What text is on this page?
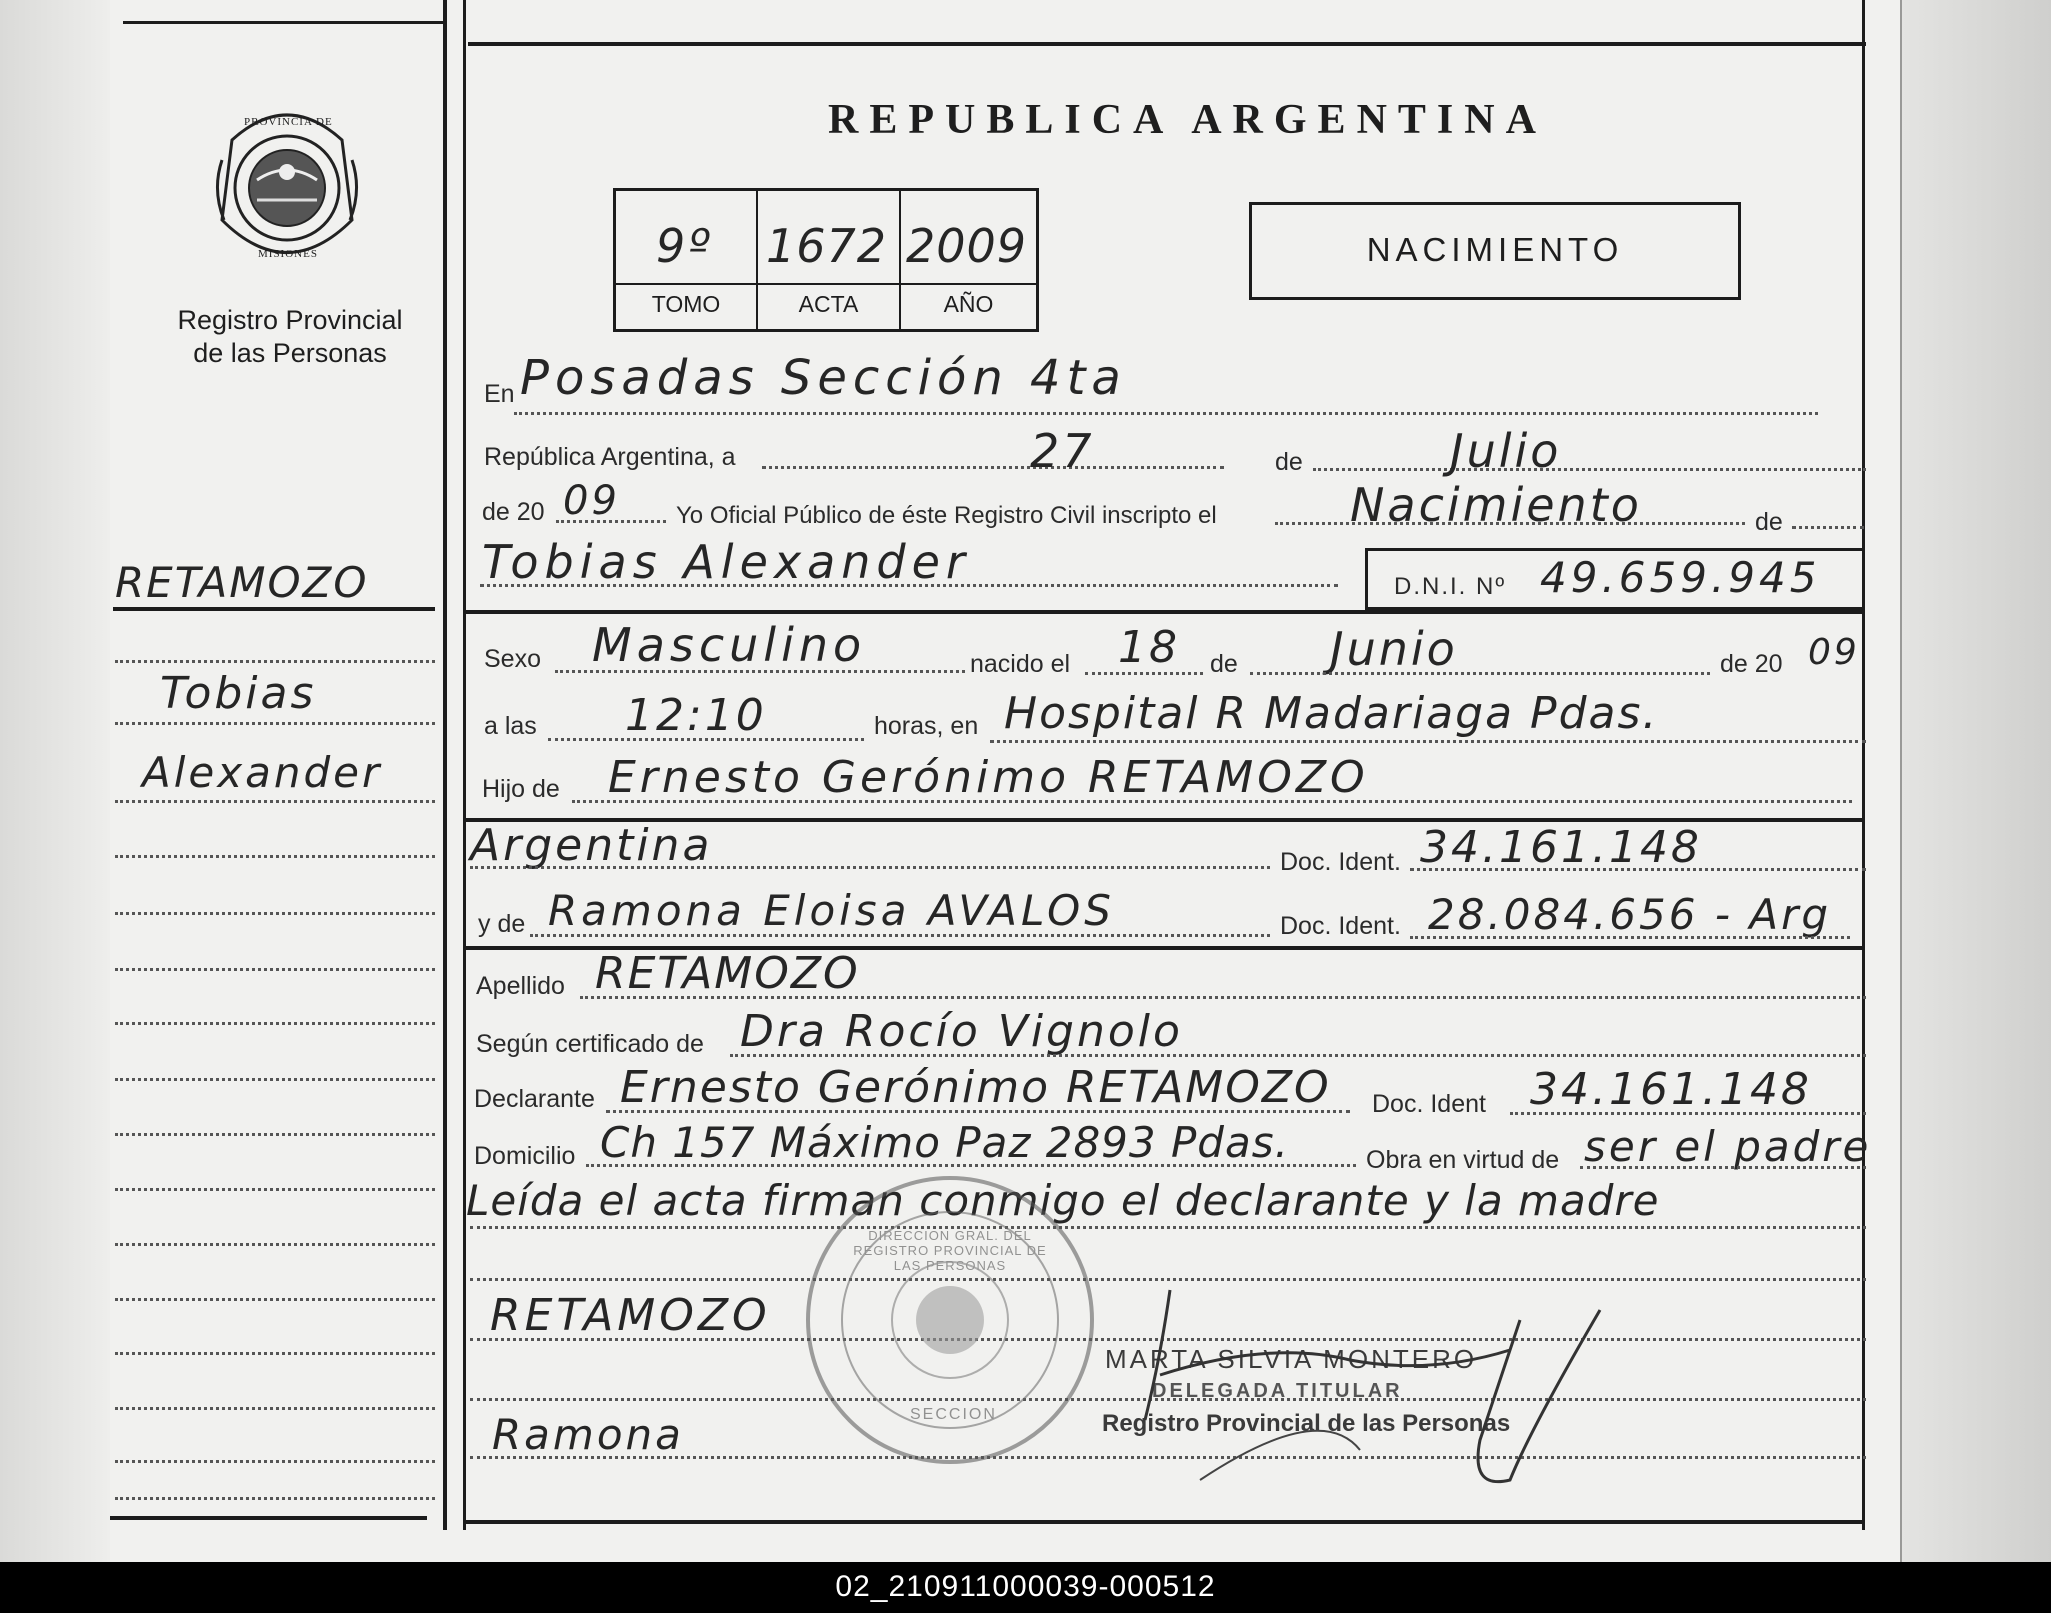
PROVINCIA DE
MISIONES
Registro Provincial
de las Personas
RETAMOZO
Tobias
Alexander
REPUBLICA ARGENTINA
9º 1672 2009
TOMO	ACTA	AÑO
NACIMIENTO
En Posadas Sección 4ta
República Argentina, a	27	de	Julio
de 20 09 Yo Oficial Público de éste Registro Civil inscripto el	Nacimiento	de
Tobias Alexander	D.N.I. Nº 49.659.945
Sexo Masculino	nacido el 18 de Junio	de 20 09
a las 12:10	horas, en Hospital R Madariaga Pdas.
Hijo de Ernesto Gerónimo RETAMOZO
Argentina	Doc. Ident. 34.161.148
y de Ramona Eloisa AVALOS	Doc. Ident. 28.084.656 - Arg
Apellido RETAMOZO
Según certificado de Dra Rocío Vignolo
Declarante Ernesto Gerónimo RETAMOZO Doc. Ident 34.161.148
Domicilio Ch 157 Máximo Paz 2893 Pdas.	Obra en virtud de ser el padre
Leída el acta firman conmigo el declarante y la madre
DIRECCION GRAL. DEL REGISTRO PROVINCIAL DE LAS PERSONAS
SECCION
RETAMOZO
Ramona
MARTA SILVIA MONTERO
DELEGADA TITULAR
Registro Provincial de las Personas
02_210911000039-000512
